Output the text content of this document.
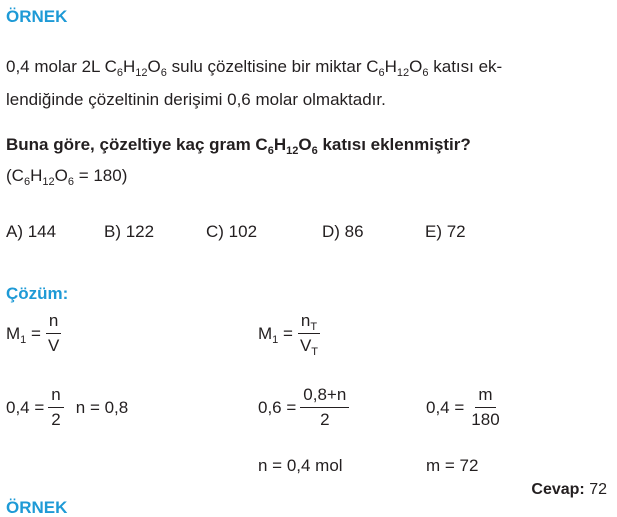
ÖRNEK
0,4 molar 2L $C_6H_{12}O_6$ sulu çözeltisine bir miktar $C_6H_{12}O_6$ katısı ek-
lendiğinde çözeltinin derişimi 0,6 molar olmaktadır.
Buna göre, çözeltiye kaç gram $C_6H_{12}O_6$ katısı eklenmiştir?
$(C_6H_{12}O_6 = 180)$
A) 144	B) 122	C) 102	D) 86	E) 72
Çözüm:
$M_1 = \frac{n}{V}$	$M_1 = \frac{n_T}{V_T}$
$0,4 = \frac{n}{2}$ n = 0,8	$0,6 = \frac{0,8+n}{2}$	$0,4 = \frac{m}{180}$
n = 0,4 mol	m = 72
Cevap: 72
ÖRNEK
